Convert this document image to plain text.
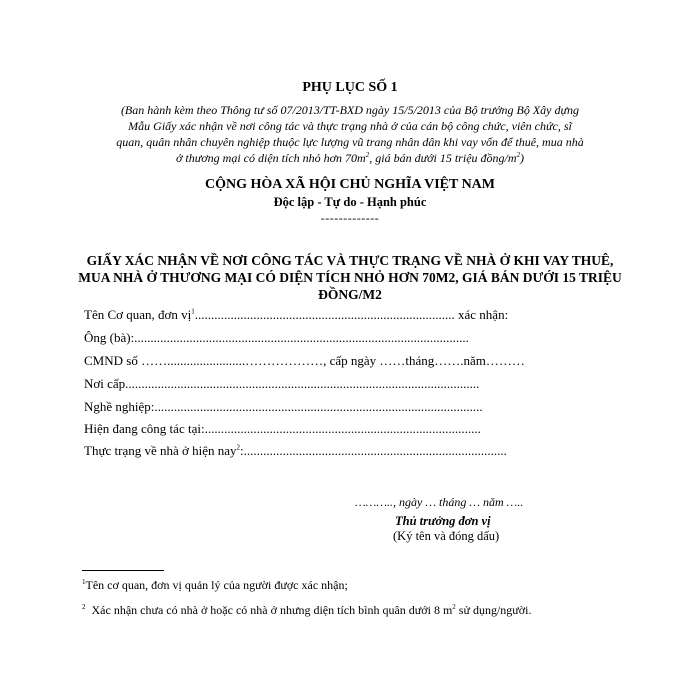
PHỤ LỤC SỐ 1
(Ban hành kèm theo Thông tư số 07/2013/TT-BXD ngày 15/5/2013 của Bộ trưởng Bộ Xây dựng
Mẫu Giấy xác nhận về nơi công tác và thực trạng nhà ở của cán bộ công chức, viên chức, sĩ
quan, quân nhân chuyên nghiệp thuộc lực lượng vũ trang nhân dân khi vay vốn để thuê, mua nhà
ở thương mại có diện tích nhỏ hơn $70m^2$, giá bán dưới 15 triệu đồng/$m^2$)
CỘNG HÒA XÃ HỘI CHỦ NGHĨA VIỆT NAM
Độc lập - Tự do - Hạnh phúc
-------------
GIẤY XÁC NHẬN VỀ NƠI CÔNG TÁC VÀ THỰC TRẠNG VỀ NHÀ Ở KHI VAY THUÊ, MUA NHÀ Ở THƯƠNG MẠI CÓ DIỆN TÍCH NHỎ HƠN 70M2, GIÁ BÁN DƯỚI 15 TRIỆU ĐỒNG/M2
Tên Cơ quan, đơn vị$^1$................................................................................ xác nhận:
Ông (bà):.......................................................................................................
CMND số ……........................………………, cấp ngày ……tháng…….năm………
Nơi cấp.............................................................................................................
Nghề nghiệp:.....................................................................................................
Hiện đang công tác tại:.....................................................................................
Thực trạng về nhà ở hiện nay$^2$:.................................................................................
……….., ngày … tháng … năm …..
Thủ trưởng đơn vị
(Ký tên và đóng dấu)
$^1$Tên cơ quan, đơn vị quản lý của người được xác nhận;
$^2$ Xác nhận chưa có nhà ở hoặc có nhà ở nhưng diện tích bình quân dưới 8 $m^2$ sử dụng/người.
